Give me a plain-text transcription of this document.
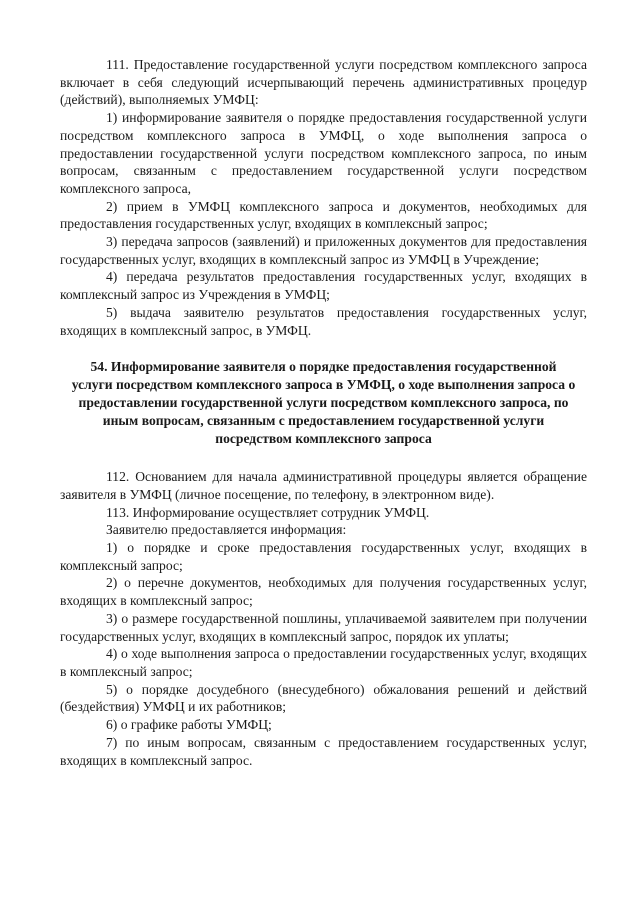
111. Предоставление государственной услуги посредством комплексного запроса включает в себя следующий исчерпывающий перечень административных процедур (действий), выполняемых УМФЦ:

1) информирование заявителя о порядке предоставления государственной услуги посредством комплексного запроса в УМФЦ, о ходе выполнения запроса о предоставлении государственной услуги посредством комплексного запроса, по иным вопросам, связанным с предоставлением государственной услуги посредством комплексного запроса,

2) прием в УМФЦ комплексного запроса и документов, необходимых для предоставления государственных услуг, входящих в комплексный запрос;

3) передача запросов (заявлений) и приложенных документов для предоставления государственных услуг, входящих в комплексный запрос из УМФЦ в Учреждение;

4) передача результатов предоставления государственных услуг, входящих в комплексный запрос из Учреждения в УМФЦ;

5) выдача заявителю результатов предоставления государственных услуг, входящих в комплексный запрос, в УМФЦ.

54. Информирование заявителя о порядке предоставления государственной услуги посредством комплексного запроса в УМФЦ, о ходе выполнения запроса о предоставлении государственной услуги посредством комплексного запроса, по иным вопросам, связанным с предоставлением государственной услуги посредством комплексного запроса

112. Основанием для начала административной процедуры является обращение заявителя в УМФЦ (личное посещение, по телефону, в электронном виде).

113. Информирование осуществляет сотрудник УМФЦ.

Заявителю предоставляется информация:

1) о порядке и сроке предоставления государственных услуг, входящих в комплексный запрос;

2) о перечне документов, необходимых для получения государственных услуг, входящих в комплексный запрос;

3) о размере государственной пошлины, уплачиваемой заявителем при получении государственных услуг, входящих в комплексный запрос, порядок их уплаты;

4) о ходе выполнения запроса о предоставлении государственных услуг, входящих в комплексный запрос;

5) о порядке досудебного (внесудебного) обжалования решений и действий (бездействия) УМФЦ и их работников;

6) о графике работы УМФЦ;

7) по иным вопросам, связанным с предоставлением государственных услуг, входящих в комплексный запрос.
